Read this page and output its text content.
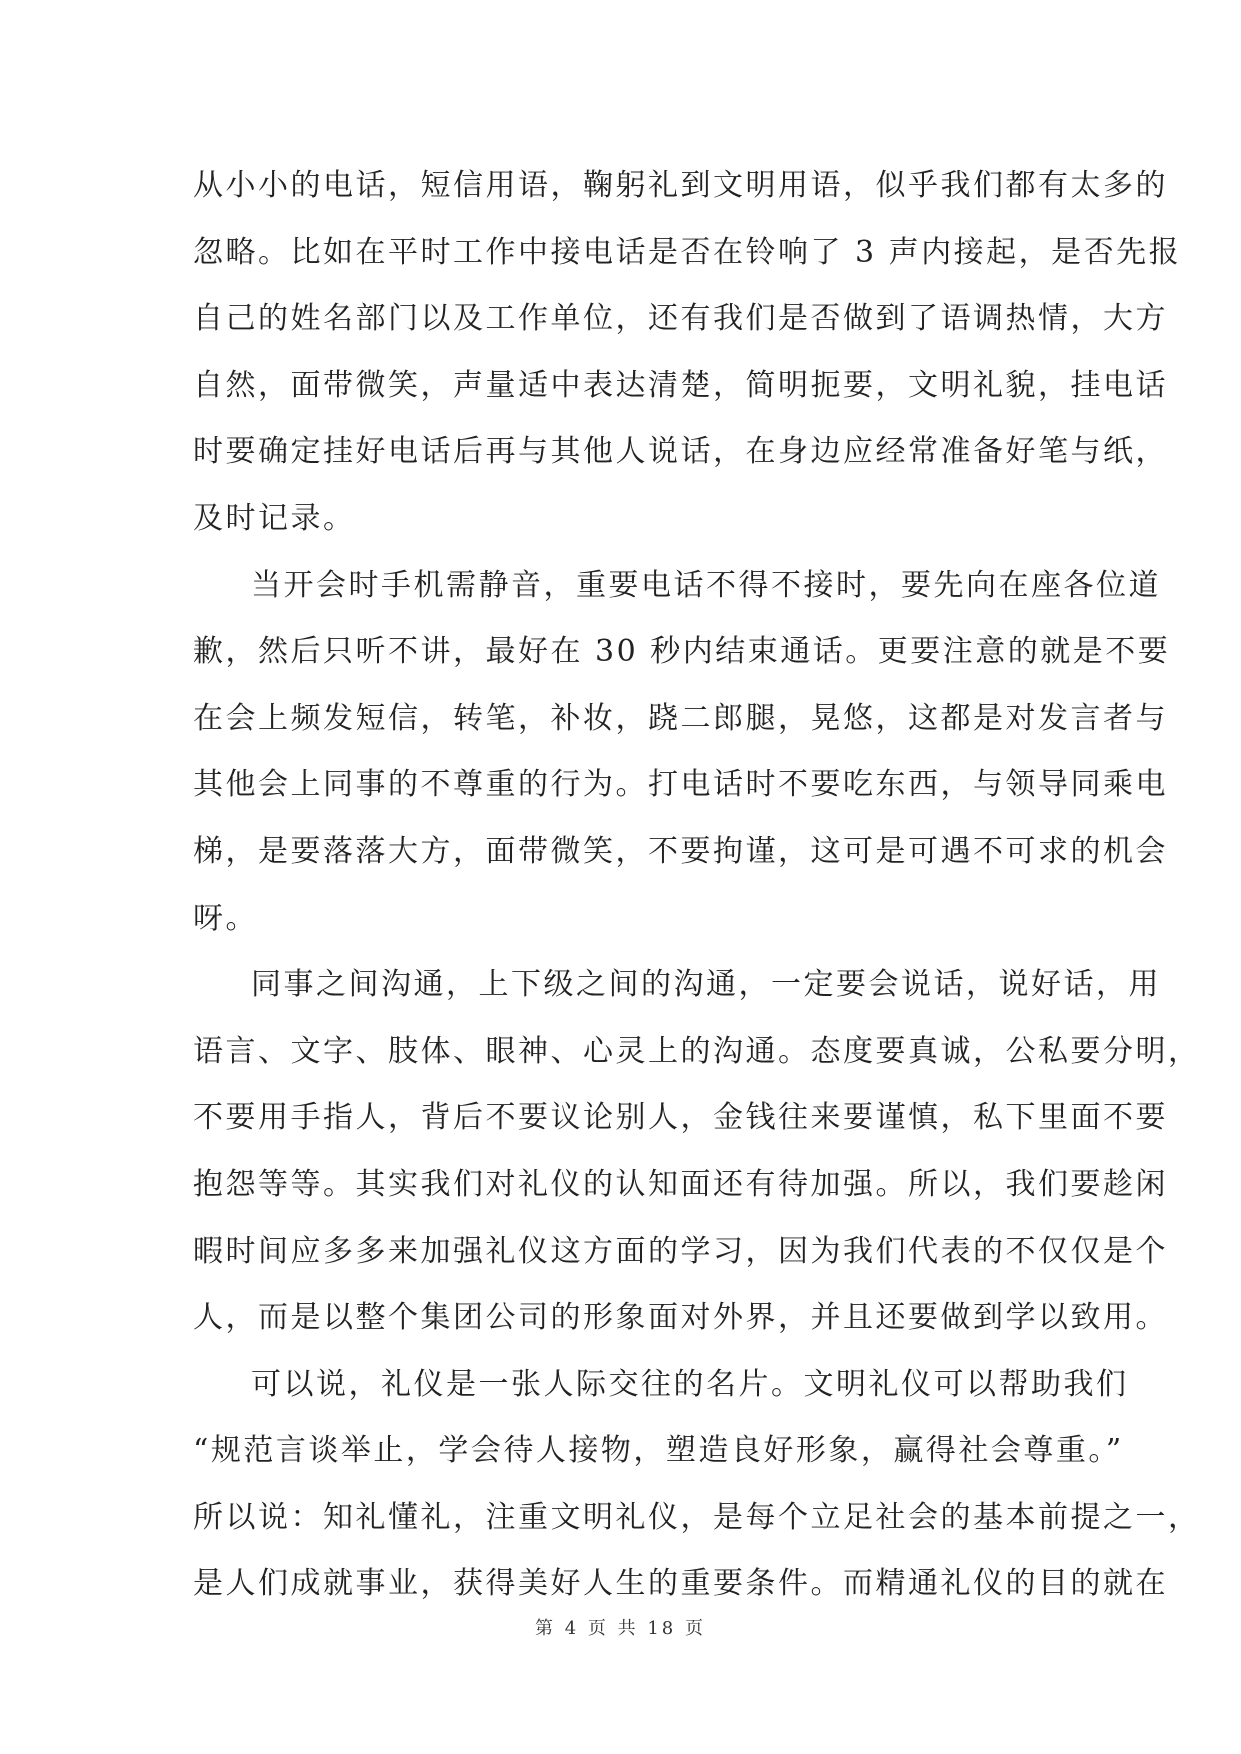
从小小的电话，短信用语，鞠躬礼到文明用语，似乎我们都有太多的
忽略。比如在平时工作中接电话是否在铃响了 3 声内接起，是否先报
自己的姓名部门以及工作单位，还有我们是否做到了语调热情，大方
自然，面带微笑，声量适中表达清楚，简明扼要，文明礼貌，挂电话
时要确定挂好电话后再与其他人说话，在身边应经常准备好笔与纸，
及时记录。
当开会时手机需静音，重要电话不得不接时，要先向在座各位道
歉，然后只听不讲，最好在 30 秒内结束通话。更要注意的就是不要
在会上频发短信，转笔，补妆，跷二郎腿，晃悠，这都是对发言者与
其他会上同事的不尊重的行为。打电话时不要吃东西，与领导同乘电
梯，是要落落大方，面带微笑，不要拘谨，这可是可遇不可求的机会
呀。
同事之间沟通，上下级之间的沟通，一定要会说话，说好话，用
语言、文字、肢体、眼神、心灵上的沟通。态度要真诚，公私要分明，
不要用手指人，背后不要议论别人，金钱往来要谨慎，私下里面不要
抱怨等等。其实我们对礼仪的认知面还有待加强。所以，我们要趁闲
暇时间应多多来加强礼仪这方面的学习，因为我们代表的不仅仅是个
人，而是以整个集团公司的形象面对外界，并且还要做到学以致用。
可以说，礼仪是一张人际交往的名片。文明礼仪可以帮助我们
“规范言谈举止，学会待人接物，塑造良好形象，赢得社会尊重。”
所以说：知礼懂礼，注重文明礼仪，是每个立足社会的基本前提之一，
是人们成就事业，获得美好人生的重要条件。而精通礼仪的目的就在
第 4 页 共 18 页
